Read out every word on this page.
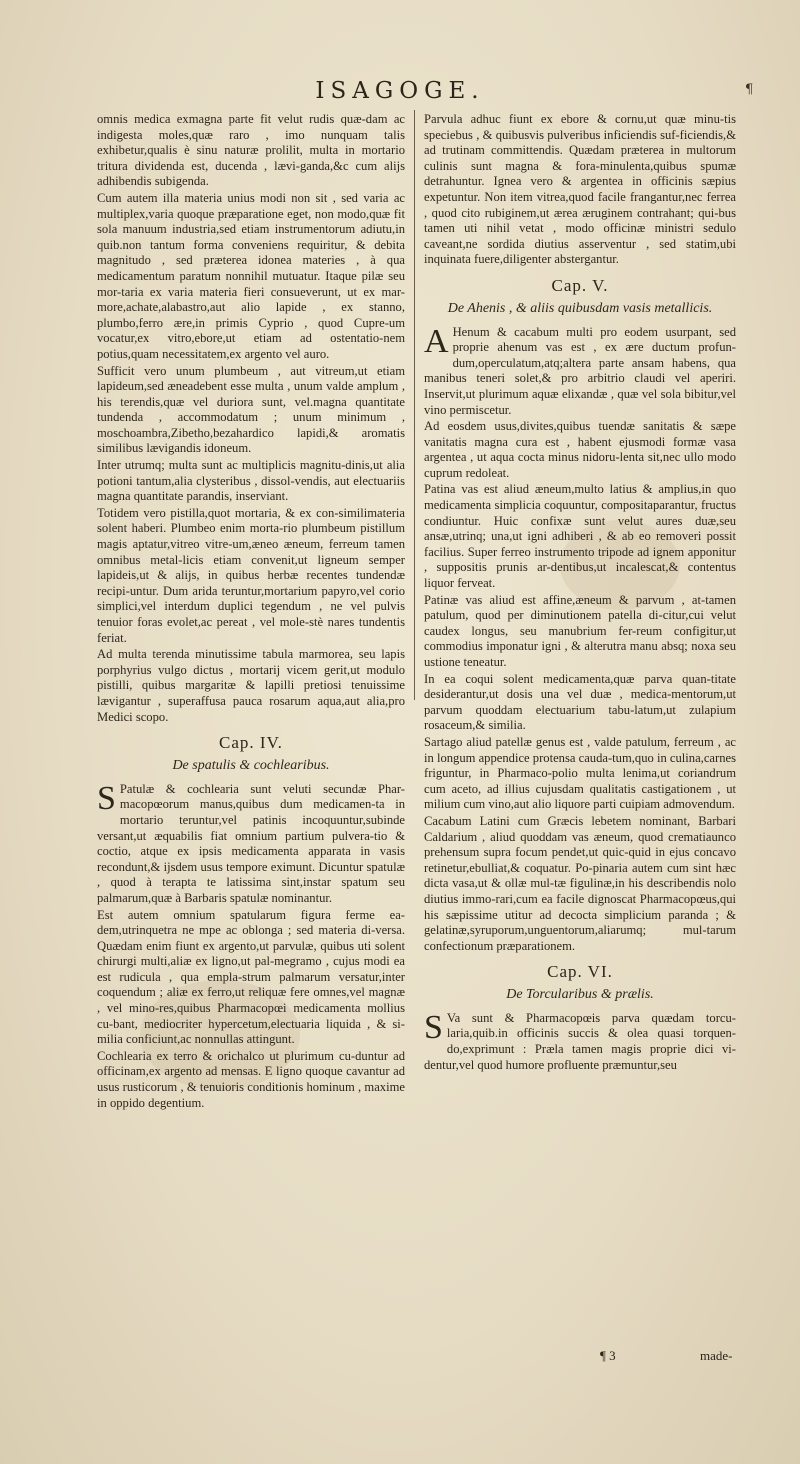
ISAGOGE.	¶

omnis medica exmagna parte fit velut rudis quæ-dam ac indigesta moles,quæ raro , imo nunquam talis exhibetur,qualis è sinu naturæ prolilit, multa in mortario tritura dividenda est, ducenda , lævi-ganda,&c cum alijs adhibendis subigenda.

Cum autem illa materia unius modi non sit , sed varia ac multiplex,varia quoque præparatione eget, non modo,quæ fit sola manuum industria,sed etiam instrumentorum adiutu,in quib.non tantum forma conveniens requiritur, & debita magnitudo , sed præterea idonea materies , à qua medicamentum paratum nonnihil mutuatur. Itaque pilæ seu mor-taria ex varia materia fieri consueverunt, ut ex mar-more,achate,alabastro,aut alio lapide , ex stanno, plumbo,ferro ære,in primis Cyprio , quod Cupre-um vocatur,ex vitro,ebore,ut etiam ad ostentatio-nem potius,quam necessitatem,ex argento vel auro.

Sufficit vero unum plumbeum , aut vitreum,ut etiam lapideum,sed æneadebent esse multa , unum valde amplum , his terendis,quæ vel duriora sunt, vel.magna quantitate tundenda , accommodatum ; unum minimum , moschoambra,Zibetho,bezahardico lapidi,& aromatis similibus lævigandis idoneum.

Inter utrumq; multa sunt ac multiplicis magnitu-dinis,ut alia potioni tantum,alia clysteribus , dissol-vendis, aut electuariis magna quantitate parandis, inserviant.

Totidem vero pistilla,quot mortaria, & ex con-similimateria solent haberi. Plumbeo enim morta-rio plumbeum pistillum magis aptatur,vitreo vitre-um,æneo æneum, ferreum tamen omnibus metal-licis etiam convenit,ut ligneum semper lapideis,ut & alijs, in quibus herbæ recentes tundendæ recipi-untur. Dum arida teruntur,mortarium papyro,vel corio simplici,vel interdum duplici tegendum , ne vel pulvis tenuior foras evolet,ac pereat , vel mole-stè nares tundentis feriat.

Ad multa terenda minutissime tabula marmorea, seu lapis porphyrius vulgo dictus , mortarij vicem gerit,ut modulo pistilli, quibus margaritæ & lapilli pretiosi tenuissime lævigantur , superaffusa pauca rosarum aqua,aut alia,pro Medici scopo.

Cap. IV.
De spatulis & cochlearibus.

S Patulæ & cochlearia sunt veluti secundæ Phar-macopœorum manus,quibus dum medicamen-ta in mortario teruntur,vel patinis incoquuntur,subinde versant,ut æquabilis fiat omnium partium pulvera-tio & coctio, atque ex ipsis medicamenta apparata in vasis recondunt,& ijsdem usus tempore eximunt. Dicuntur spatulæ , quod à terapta te latissima sint,instar spatum seu palmarum,quæ à Barbaris spatulæ nominantur.

Est autem omnium spatularum figura ferme ea-dem,utrinquetra ne mpe ac oblonga ; sed materia di-versa. Quædam enim fiunt ex argento,ut parvulæ, quibus uti solent chirurgi multi,aliæ ex ligno,ut pal-megramo , cujus modi ea est rudicula , qua empla-strum palmarum versatur,inter coquendum ; aliæ ex ferro,ut reliquæ fere omnes,vel magnæ , vel mino-res,quibus Pharmacopœi medicamenta mollius cu-bant, mediocriter hypercetum,electuaria liquida , & si-milia conficiunt,ac nonnullas attingunt.

Cochlearia ex terro & orichalco ut plurimum cu-duntur ad officinam,ex argento ad mensas. E ligno quoque cavantur ad usus rusticorum , & tenuioris conditionis hominum , maxime in oppido degentium.

Parvula adhuc fiunt ex ebore & cornu,ut quæ minu-tis speciebus , & quibusvis pulveribus inficiendis suf-ficiendis,& ad trutinam committendis. Quædam præterea in multorum culinis sunt magna & fora-minulenta,quibus spumæ detrahuntur. Ignea vero & argentea in officinis sæpius expetuntur. Non item vitrea,quod facile frangantur,nec ferrea , quod cito rubiginem,ut ærea æruginem contrahant; qui-bus tamen uti nihil vetat , modo officinæ ministri sedulo caveant,ne sordida diutius asserventur , sed statim,ubi inquinata fuere,diligenter abstergantur.

Cap. V.
De Ahenis , & aliis quibusdam vasis metallicis.

A Henum & cacabum multi pro eodem usurpant, sed proprie ahenum vas est , ex ære ductum profun-dum,operculatum,atq;altera parte ansam habens, qua manibus teneri solet,& pro arbitrio claudi vel aperiri. Inservit,ut plurimum aquæ elixandæ , quæ vel sola bibitur,vel vino permiscetur.

Ad eosdem usus,divites,quibus tuendæ sanitatis & sæpe vanitatis magna cura est , habent ejusmodi formæ vasa argentea , ut aqua cocta minus nidoru-lenta sit,nec ullo modo cuprum redoleat.

Patina vas est aliud æneum,multo latius & amplius,in quo medicamenta simplicia coquuntur, compositaparantur, fructus condiuntur. Huic confixæ sunt velut aures duæ,seu ansæ,utrinq; una,ut igni adhiberi , & ab eo removeri possit facilius. Super ferreo instrumento tripode ad ignem apponitur , suppositis prunis ar-dentibus,ut incalescat,& contentus liquor ferveat.

Patinæ vas aliud est affine,æneum & parvum , at-tamen patulum, quod per diminutionem patella di-citur,cui velut caudex longus, seu manubrium fer-reum configitur,ut commodius imponatur igni , & alterutra manu absq; noxa seu ustione teneatur.

In ea coqui solent medicamenta,quæ parva quan-titate desiderantur,ut dosis una vel duæ , medica-mentorum,ut parvum quoddam electuarium tabu-latum,ut zulapium rosaceum,& similia.

Sartago aliud patellæ genus est , valde patulum, ferreum , ac in longum appendice protensa cauda-tum,quo in culina,carnes friguntur, in Pharmaco-polio multa lenima,ut coriandrum cum aceto, ad illius cujusdam qualitatis castigationem , ut milium cum vino,aut alio liquore parti cuipiam admovendum.

Cacabum Latini cum Græcis lebetem nominant, Barbari Caldarium , aliud quoddam vas æneum, quod crematiaunco prehensum supra focum pendet,ut quic-quid in ejus concavo retinetur,ebulliat,& coquatur. Po-pinaria autem cum sint hæc dicta vasa,ut & ollæ mul-tæ figulinæ,in his describendis nolo diutius immo-rari,cum ea facile dignoscat Pharmacopœus,qui his sæpissime utitur ad decocta simplicium paranda ; & gelatinæ,syruporum,unguentorum,aliarumq; mul-tarum confectionum præparationem.

Cap. VI.
De Torcularibus & prælis.

S Va sunt & Pharmacopœis parva quædam torcu-laria,quib.in officinis succis & olea quasi torquen-do,exprimunt : Præla tamen magis proprie dici vi-dentur,vel quod humore profluente præmuntur,seu

¶ 3	made-
